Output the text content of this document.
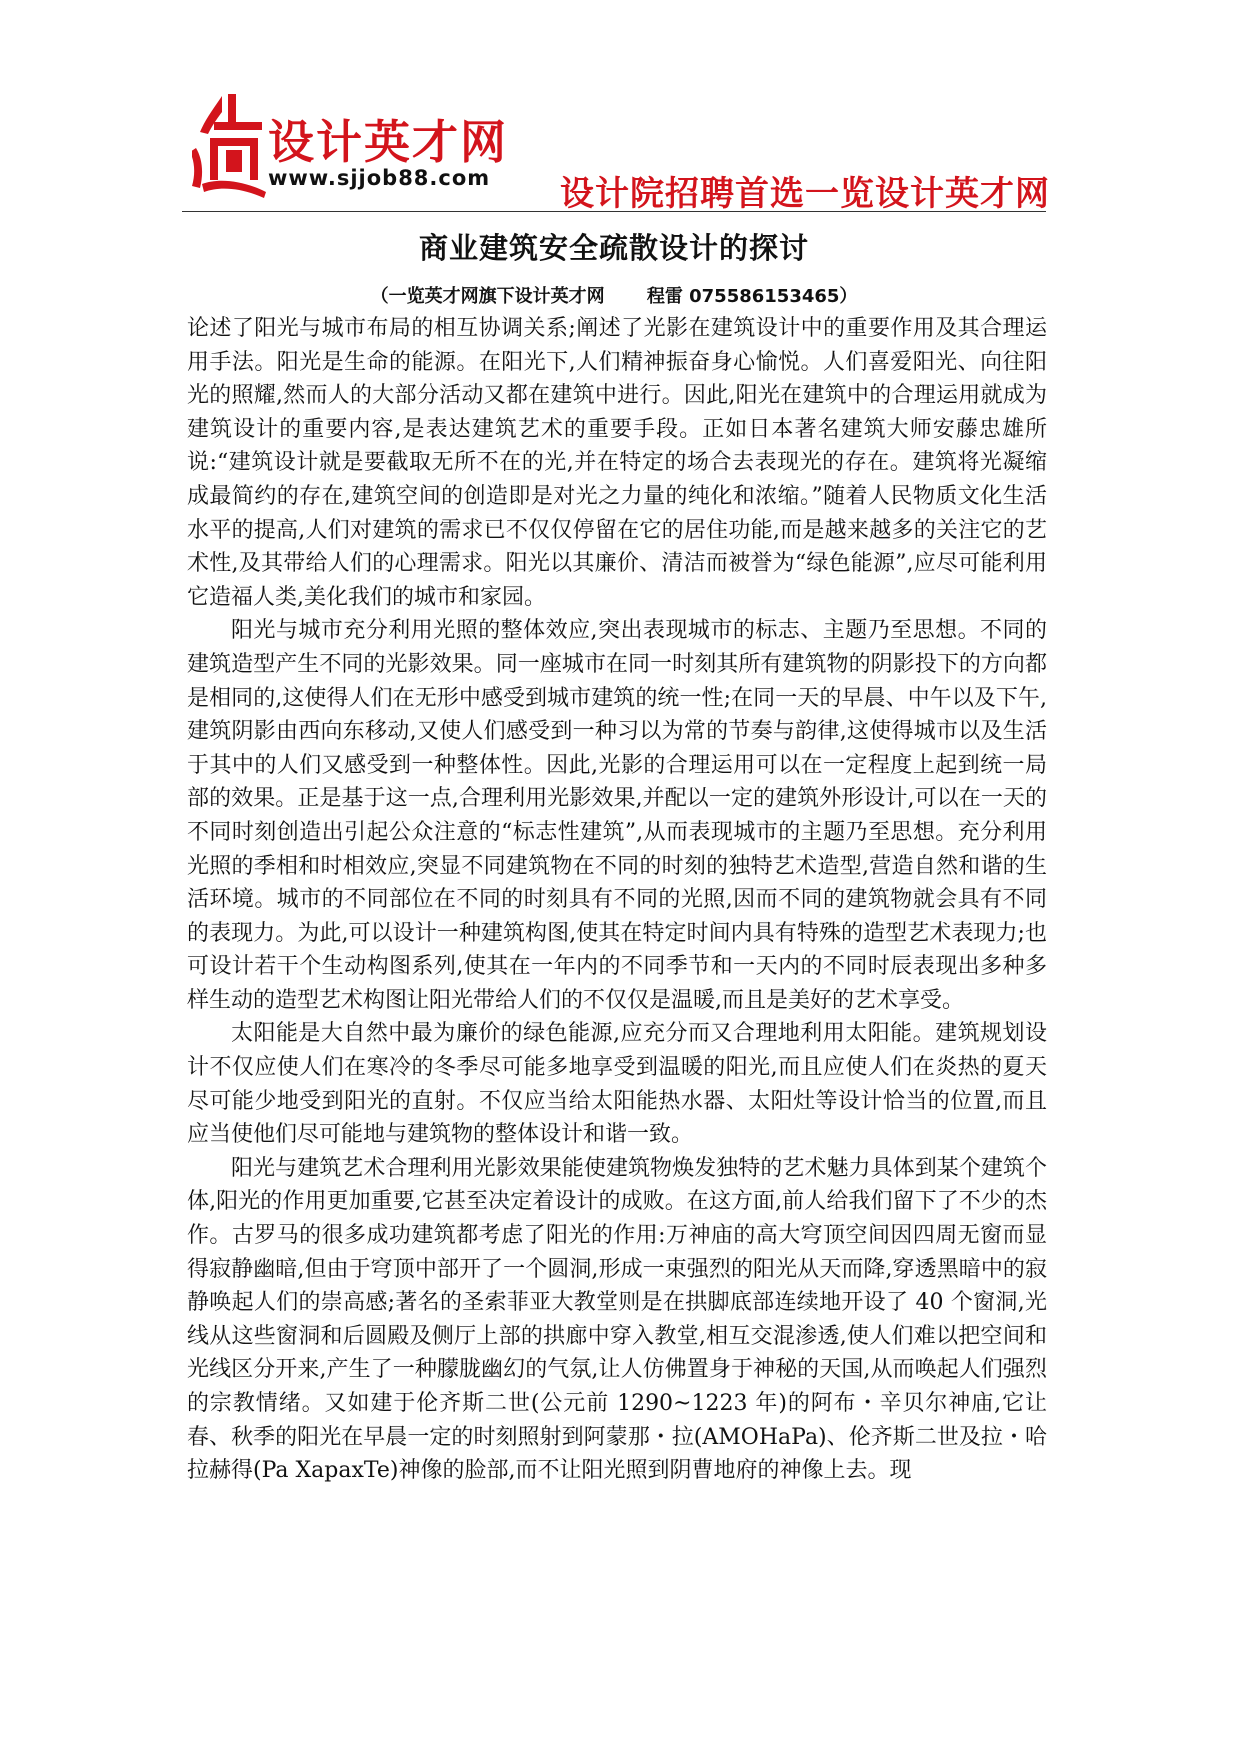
设计英才网
www.sjjob88.com 设计院招聘首选一览设计英才网
商业建筑安全疏散设计的探讨
（一览英才网旗下设计英才网 程雷 075586153465）

论述了阳光与城市布局的相互协调关系;阐述了光影在建筑设计中的重要作用及其合理运用手法。阳光是生命的能源。在阳光下,人们精神振奋身心愉悦。人们喜爱阳光、向往阳光的照耀,然而人的大部分活动又都在建筑中进行。因此,阳光在建筑中的合理运用就成为建筑设计的重要内容,是表达建筑艺术的重要手段。正如日本著名建筑大师安藤忠雄所说:“建筑设计就是要截取无所不在的光,并在特定的场合去表现光的存在。建筑将光凝缩成最简约的存在,建筑空间的创造即是对光之力量的纯化和浓缩。”随着人民物质文化生活水平的提高,人们对建筑的需求已不仅仅停留在它的居住功能,而是越来越多的关注它的艺术性,及其带给人们的心理需求。阳光以其廉价、清洁而被誉为“绿色能源”,应尽可能利用它造福人类,美化我们的城市和家园。

阳光与城市充分利用光照的整体效应,突出表现城市的标志、主题乃至思想。不同的建筑造型产生不同的光影效果。同一座城市在同一时刻其所有建筑物的阴影投下的方向都是相同的,这使得人们在无形中感受到城市建筑的统一性;在同一天的早晨、中午以及下午,建筑阴影由西向东移动,又使人们感受到一种习以为常的节奏与韵律,这使得城市以及生活于其中的人们又感受到一种整体性。因此,光影的合理运用可以在一定程度上起到统一局部的效果。正是基于这一点,合理利用光影效果,并配以一定的建筑外形设计,可以在一天的不同时刻创造出引起公众注意的“标志性建筑”,从而表现城市的主题乃至思想。充分利用光照的季相和时相效应,突显不同建筑物在不同的时刻的独特艺术造型,营造自然和谐的生活环境。城市的不同部位在不同的时刻具有不同的光照,因而不同的建筑物就会具有不同的表现力。为此,可以设计一种建筑构图,使其在特定时间内具有特殊的造型艺术表现力;也可设计若干个生动构图系列,使其在一年内的不同季节和一天内的不同时辰表现出多种多样生动的造型艺术构图让阳光带给人们的不仅仅是温暖,而且是美好的艺术享受。

太阳能是大自然中最为廉价的绿色能源,应充分而又合理地利用太阳能。建筑规划设计不仅应使人们在寒冷的冬季尽可能多地享受到温暖的阳光,而且应使人们在炎热的夏天尽可能少地受到阳光的直射。不仅应当给太阳能热水器、太阳灶等设计恰当的位置,而且应当使他们尽可能地与建筑物的整体设计和谐一致。

阳光与建筑艺术合理利用光影效果能使建筑物焕发独特的艺术魅力具体到某个建筑个体,阳光的作用更加重要,它甚至决定着设计的成败。在这方面,前人给我们留下了不少的杰作。古罗马的很多成功建筑都考虑了阳光的作用:万神庙的高大穹顶空间因四周无窗而显得寂静幽暗,但由于穹顶中部开了一个圆洞,形成一束强烈的阳光从天而降,穿透黑暗中的寂静唤起人们的崇高感;著名的圣索菲亚大教堂则是在拱脚底部连续地开设了 40 个窗洞,光线从这些窗洞和后圆殿及侧厅上部的拱廊中穿入教堂,相互交混渗透,使人们难以把空间和光线区分开来,产生了一种朦胧幽幻的气氛,让人仿佛置身于神秘的天国,从而唤起人们强烈的宗教情绪。又如建于伦齐斯二世(公元前 1290~1223 年)的阿布・辛贝尔神庙,它让春、秋季的阳光在早晨一定的时刻照射到阿蒙那・拉(AMOHaPa)、伦齐斯二世及拉・哈拉赫得(Pa XapaxTe)神像的脸部,而不让阳光照到阴曹地府的神像上去。现
